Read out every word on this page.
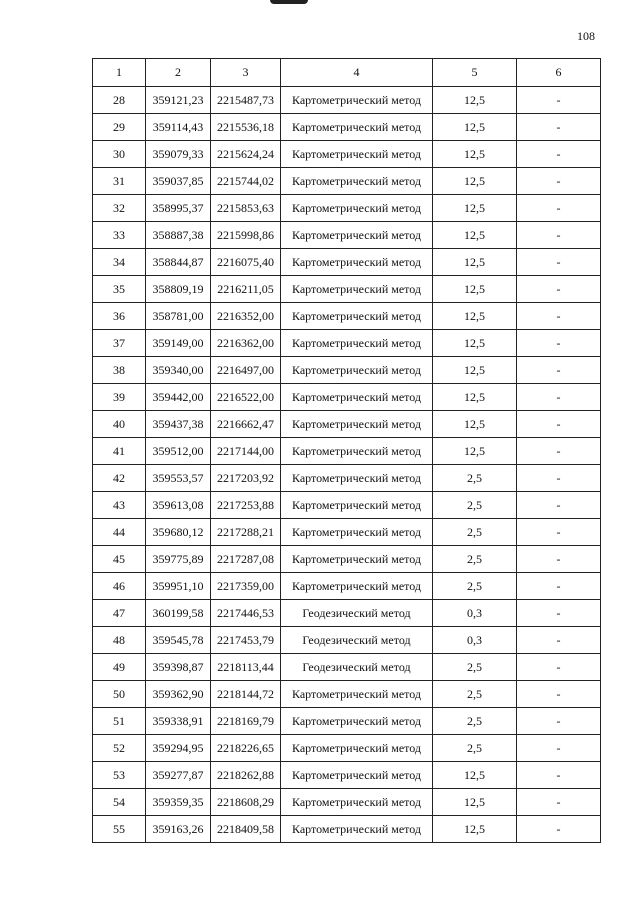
108
1	2	3	4	5	6
28	359121,23	2215487,73	Картометрический метод	12,5	-
29	359114,43	2215536,18	Картометрический метод	12,5	-
30	359079,33	2215624,24	Картометрический метод	12,5	-
31	359037,85	2215744,02	Картометрический метод	12,5	-
32	358995,37	2215853,63	Картометрический метод	12,5	-
33	358887,38	2215998,86	Картометрический метод	12,5	-
34	358844,87	2216075,40	Картометрический метод	12,5	-
35	358809,19	2216211,05	Картометрический метод	12,5	-
36	358781,00	2216352,00	Картометрический метод	12,5	-
37	359149,00	2216362,00	Картометрический метод	12,5	-
38	359340,00	2216497,00	Картометрический метод	12,5	-
39	359442,00	2216522,00	Картометрический метод	12,5	-
40	359437,38	2216662,47	Картометрический метод	12,5	-
41	359512,00	2217144,00	Картометрический метод	12,5	-
42	359553,57	2217203,92	Картометрический метод	2,5	-
43	359613,08	2217253,88	Картометрический метод	2,5	-
44	359680,12	2217288,21	Картометрический метод	2,5	-
45	359775,89	2217287,08	Картометрический метод	2,5	-
46	359951,10	2217359,00	Картометрический метод	2,5	-
47	360199,58	2217446,53	Геодезический метод	0,3	-
48	359545,78	2217453,79	Геодезический метод	0,3	-
49	359398,87	2218113,44	Геодезический метод	2,5	-
50	359362,90	2218144,72	Картометрический метод	2,5	-
51	359338,91	2218169,79	Картометрический метод	2,5	-
52	359294,95	2218226,65	Картометрический метод	2,5	-
53	359277,87	2218262,88	Картометрический метод	12,5	-
54	359359,35	2218608,29	Картометрический метод	12,5	-
55	359163,26	2218409,58	Картометрический метод	12,5	-
